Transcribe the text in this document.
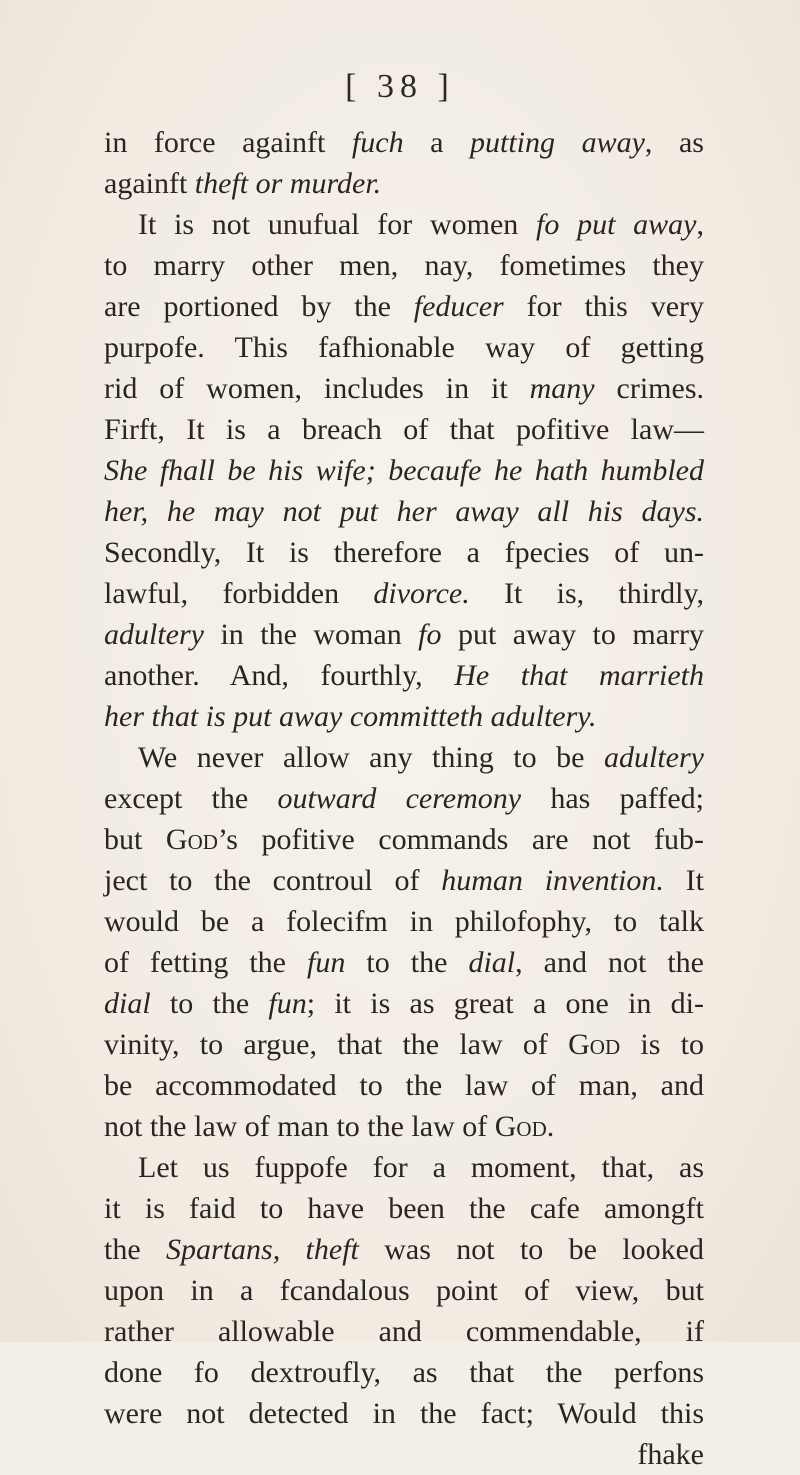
[ 38 ]
in force againft fuch a putting away, as
againft theft or murder.
It is not unufual for women fo put away,
to marry other men, nay, fometimes they
are portioned by the feducer for this very
purpofe. This fafhionable way of getting
rid of women, includes in it many crimes.
Firft, It is a breach of that pofitive law—
She fhall be his wife; becaufe he hath humbled
her, he may not put her away all his days.
Secondly, It is therefore a fpecies of un-
lawful, forbidden divorce. It is, thirdly,
adultery in the woman fo put away to marry
another. And, fourthly, He that marrieth
her that is put away committeth adultery.
We never allow any thing to be adultery
except the outward ceremony has paffed;
but God’s pofitive commands are not fub-
ject to the controul of human invention. It
would be a folecifm in philofophy, to talk
of fetting the fun to the dial, and not the
dial to the fun; it is as great a one in di-
vinity, to argue, that the law of God is to
be accommodated to the law of man, and
not the law of man to the law of God.
Let us fuppofe for a moment, that, as
it is faid to have been the cafe amongft
the Spartans, theft was not to be looked
upon in a fcandalous point of view, but
rather allowable and commendable, if
done fo dextroufly, as that the perfons
were not detected in the fact; Would this
fhake
